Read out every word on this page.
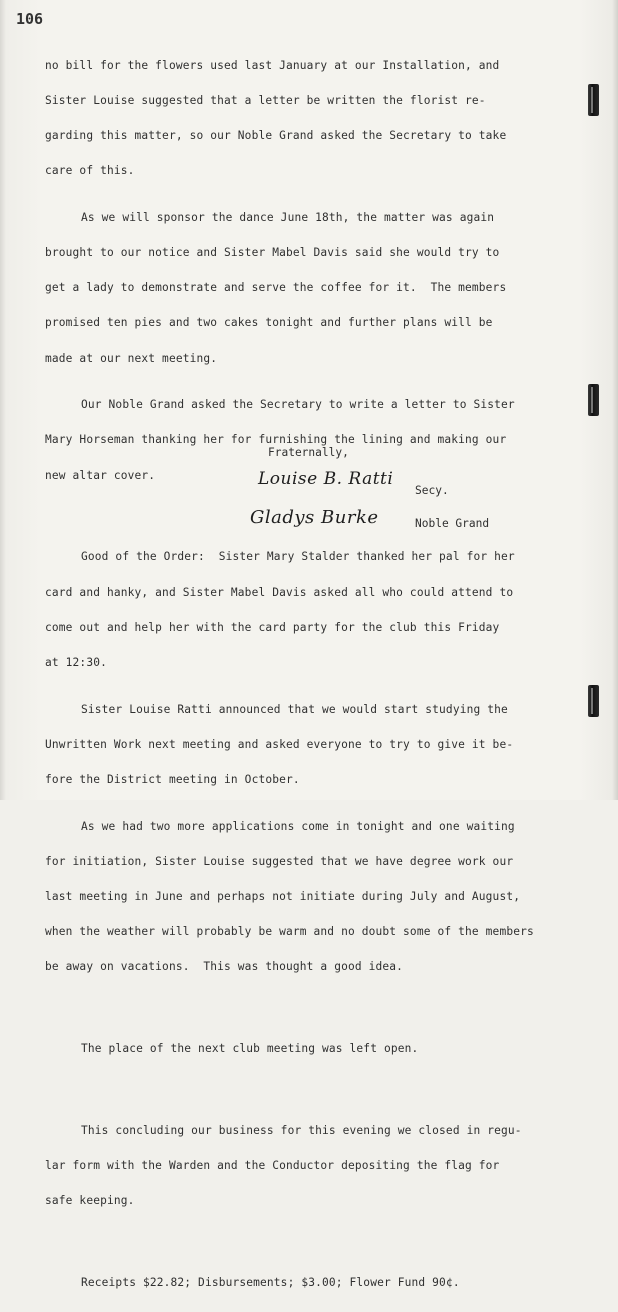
106

no bill for the flowers used last January at our Installation, and

Sister Louise suggested that a letter be written the florist re-

garding this matter, so our Noble Grand asked the Secretary to take

care of this.

As we will sponsor the dance June 18th, the matter was again

brought to our notice and Sister Mabel Davis said she would try to

get a lady to demonstrate and serve the coffee for it.  The members

promised ten pies and two cakes tonight and further plans will be

made at our next meeting.

Our Noble Grand asked the Secretary to write a letter to Sister

Mary Horseman thanking her for furnishing the lining and making our

new altar cover.

Good of the Order:  Sister Mary Stalder thanked her pal for her

card and hanky, and Sister Mabel Davis asked all who could attend to

come out and help her with the card party for the club this Friday

at 12:30.

Sister Louise Ratti announced that we would start studying the

Unwritten Work next meeting and asked everyone to try to give it be-

fore the District meeting in October.

As we had two more applications come in tonight and one waiting

for initiation, Sister Louise suggested that we have degree work our

last meeting in June and perhaps not initiate during July and August,

when the weather will probably be warm and no doubt some of the members

be away on vacations.  This was thought a good idea.

The place of the next club meeting was left open.

This concluding our business for this evening we closed in regu-

lar form with the Warden and the Conductor depositing the flag for

safe keeping.

Receipts $22.82; Disbursements; $3.00; Flower Fund 90¢.

Fraternally,
Louise B. Ratti
Secy.
Gladys Burke	Noble Grand
